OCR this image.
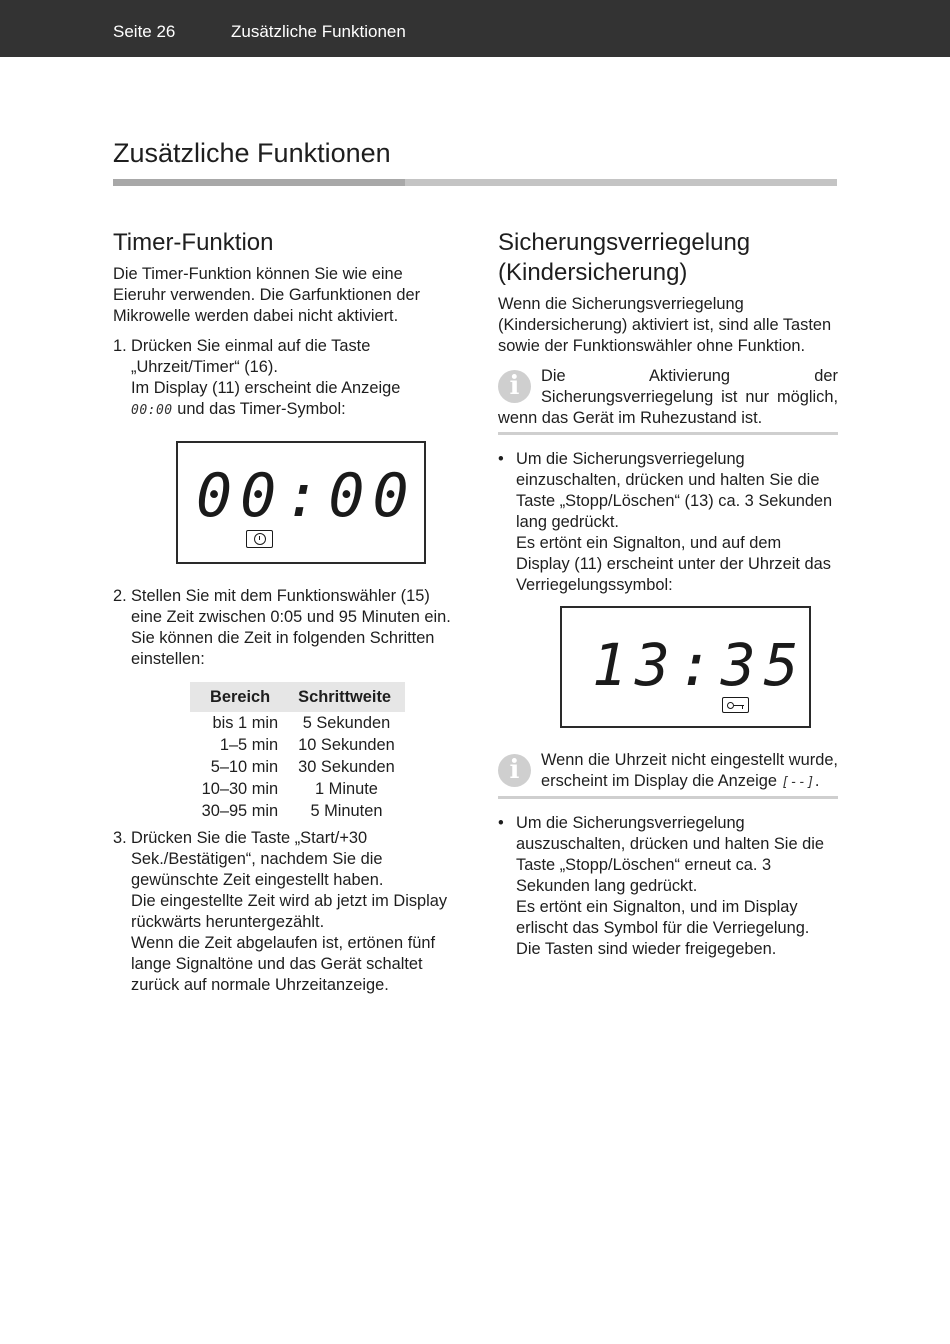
Seite 26	Zusätzliche Funktionen
Zusätzliche Funktionen
Timer-Funktion

Die Timer-Funktion können Sie wie eine Eieruhr verwenden. Die Garfunktionen der Mikrowelle werden dabei nicht aktiviert.

1. Drücken Sie einmal auf die Taste „Uhrzeit/Timer“ (16).
Im Display (11) erscheint die Anzeige
00:00 und das Timer-Symbol:
00:00
2. Stellen Sie mit dem Funktionswähler (15) eine Zeit zwischen 0:05 und 95 Minuten ein.
Sie können die Zeit in folgenden Schritten einstellen:
Bereich	Schrittweite
bis 1 min	5 Sekunden
1–5 min	10 Sekunden
5–10 min	30 Sekunden
10–30 min	1 Minute
30–95 min	5 Minuten
3. Drücken Sie die Taste „Start/+30 Sek./Bestätigen“, nachdem Sie die gewünschte Zeit eingestellt haben.
Die eingestellte Zeit wird ab jetzt im Display rückwärts heruntergezählt.
Wenn die Zeit abgelaufen ist, ertönen fünf lange Signaltöne und das Gerät schaltet zurück auf normale Uhrzeitanzeige.
Sicherungsverriegelung (Kindersicherung)

Wenn die Sicherungsverriegelung (Kindersicherung) aktiviert ist, sind alle Tasten sowie der Funktionswähler ohne Funktion.

i	Die Aktivierung der Sicherungsverriegelung ist nur möglich, wenn das Gerät im Ruhezustand ist.
• Um die Sicherungsverriegelung einzuschalten, drücken und halten Sie die Taste „Stopp/Löschen“ (13) ca. 3 Sekunden lang gedrückt.
Es ertönt ein Signalton, und auf dem Display (11) erscheint unter der Uhrzeit das Verriegelungssymbol:
13:35
i	Wenn die Uhrzeit nicht eingestellt wurde, erscheint im Display die Anzeige [--].
• Um die Sicherungsverriegelung auszuschalten, drücken und halten Sie die Taste „Stopp/Löschen“ erneut ca. 3 Sekunden lang gedrückt.
Es ertönt ein Signalton, und im Display erlischt das Symbol für die Verriegelung. Die Tasten sind wieder freigegeben.
